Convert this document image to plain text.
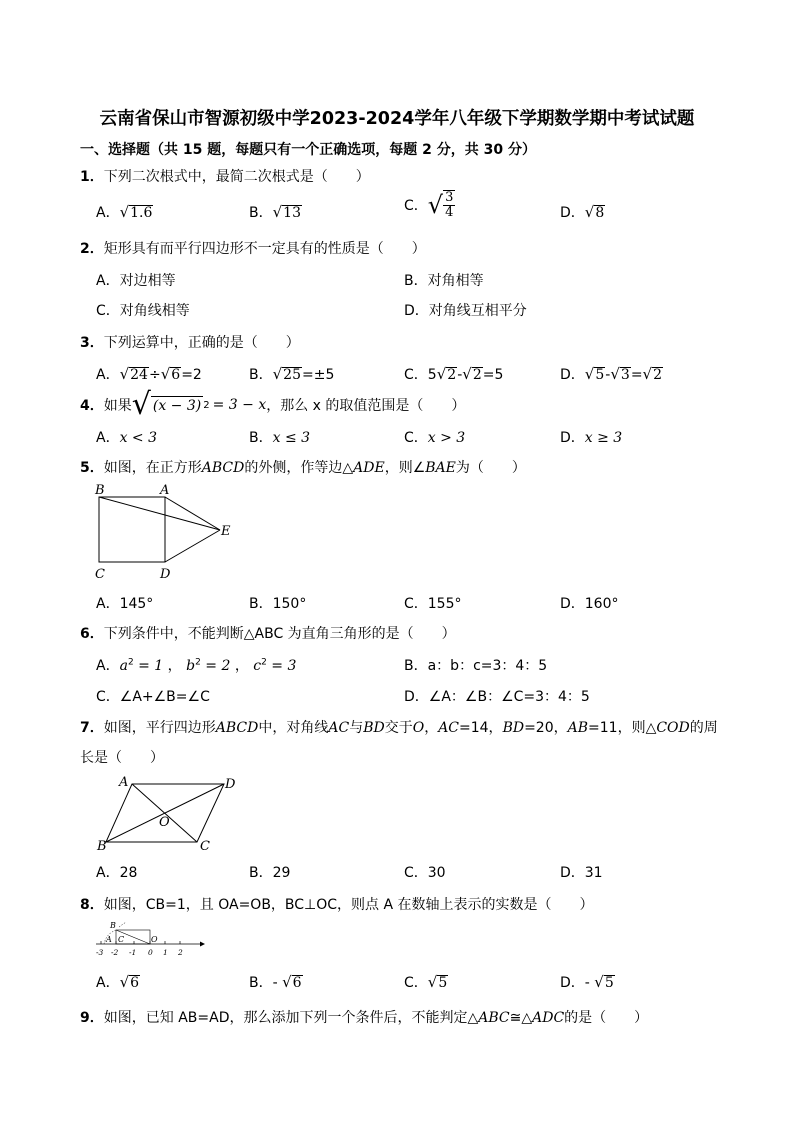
云南省保山市智源初级中学2023-2024学年八年级下学期数学期中考试试题
一、选择题（共 15 题，每题只有一个正确选项，每题 2 分，共 30 分）
1．下列二次根式中，最简二次根式是（　　）
A．√1.6	B．√13	C．√ $\frac{3}{4}$	D．√8
2．矩形具有而平行四边形不一定具有的性质是（　　）
A．对边相等	B．对角相等
C．对角线相等	D．对角线互相平分
3．下列运算中，正确的是（　　）
A．√24÷√6=2	B．√25=±5	C．5√2-√2=5	D．√5-√3=√2
4． 如果 √ (x − 3) 2 = 3 − x ，那么 x 的取值范围是（　　）
A．x < 3	B．x ≤ 3	C．x > 3	D．x ≥ 3
5．如图，在正方形ABCD的外侧，作等边△ADE，则∠BAE为（　　）
B	A
E
C	D
A．145°	B．150°	C．155°	D．160°
6．下列条件中，不能判断△ABC 为直角三角形的是（　　）
A．$a^2 = 1$ ， $b^2 = 2$ ， $c^2 = 3$	B．a：b：c=3：4：5
C．∠A+∠B=∠C	D．∠A：∠B：∠C=3：4：5
7．如图，平行四边形ABCD中，对角线AC与BD交于O，AC=14，BD=20，AB=11，则△COD的周
长是（　　）
A	D
O
B	C
A．28	B．29	C．30	D．31
8．如图，CB=1，且 OA=OB，BC⊥OC，则点 A 在数轴上表示的实数是（　　）
B
A C	O
-3 -2 -1 0 1 2
A．√6	B．- √6	C．√5	D．- √5
9．如图，已知 AB=AD，那么添加下列一个条件后，不能判定△ABC≅△ADC的是（　　）
